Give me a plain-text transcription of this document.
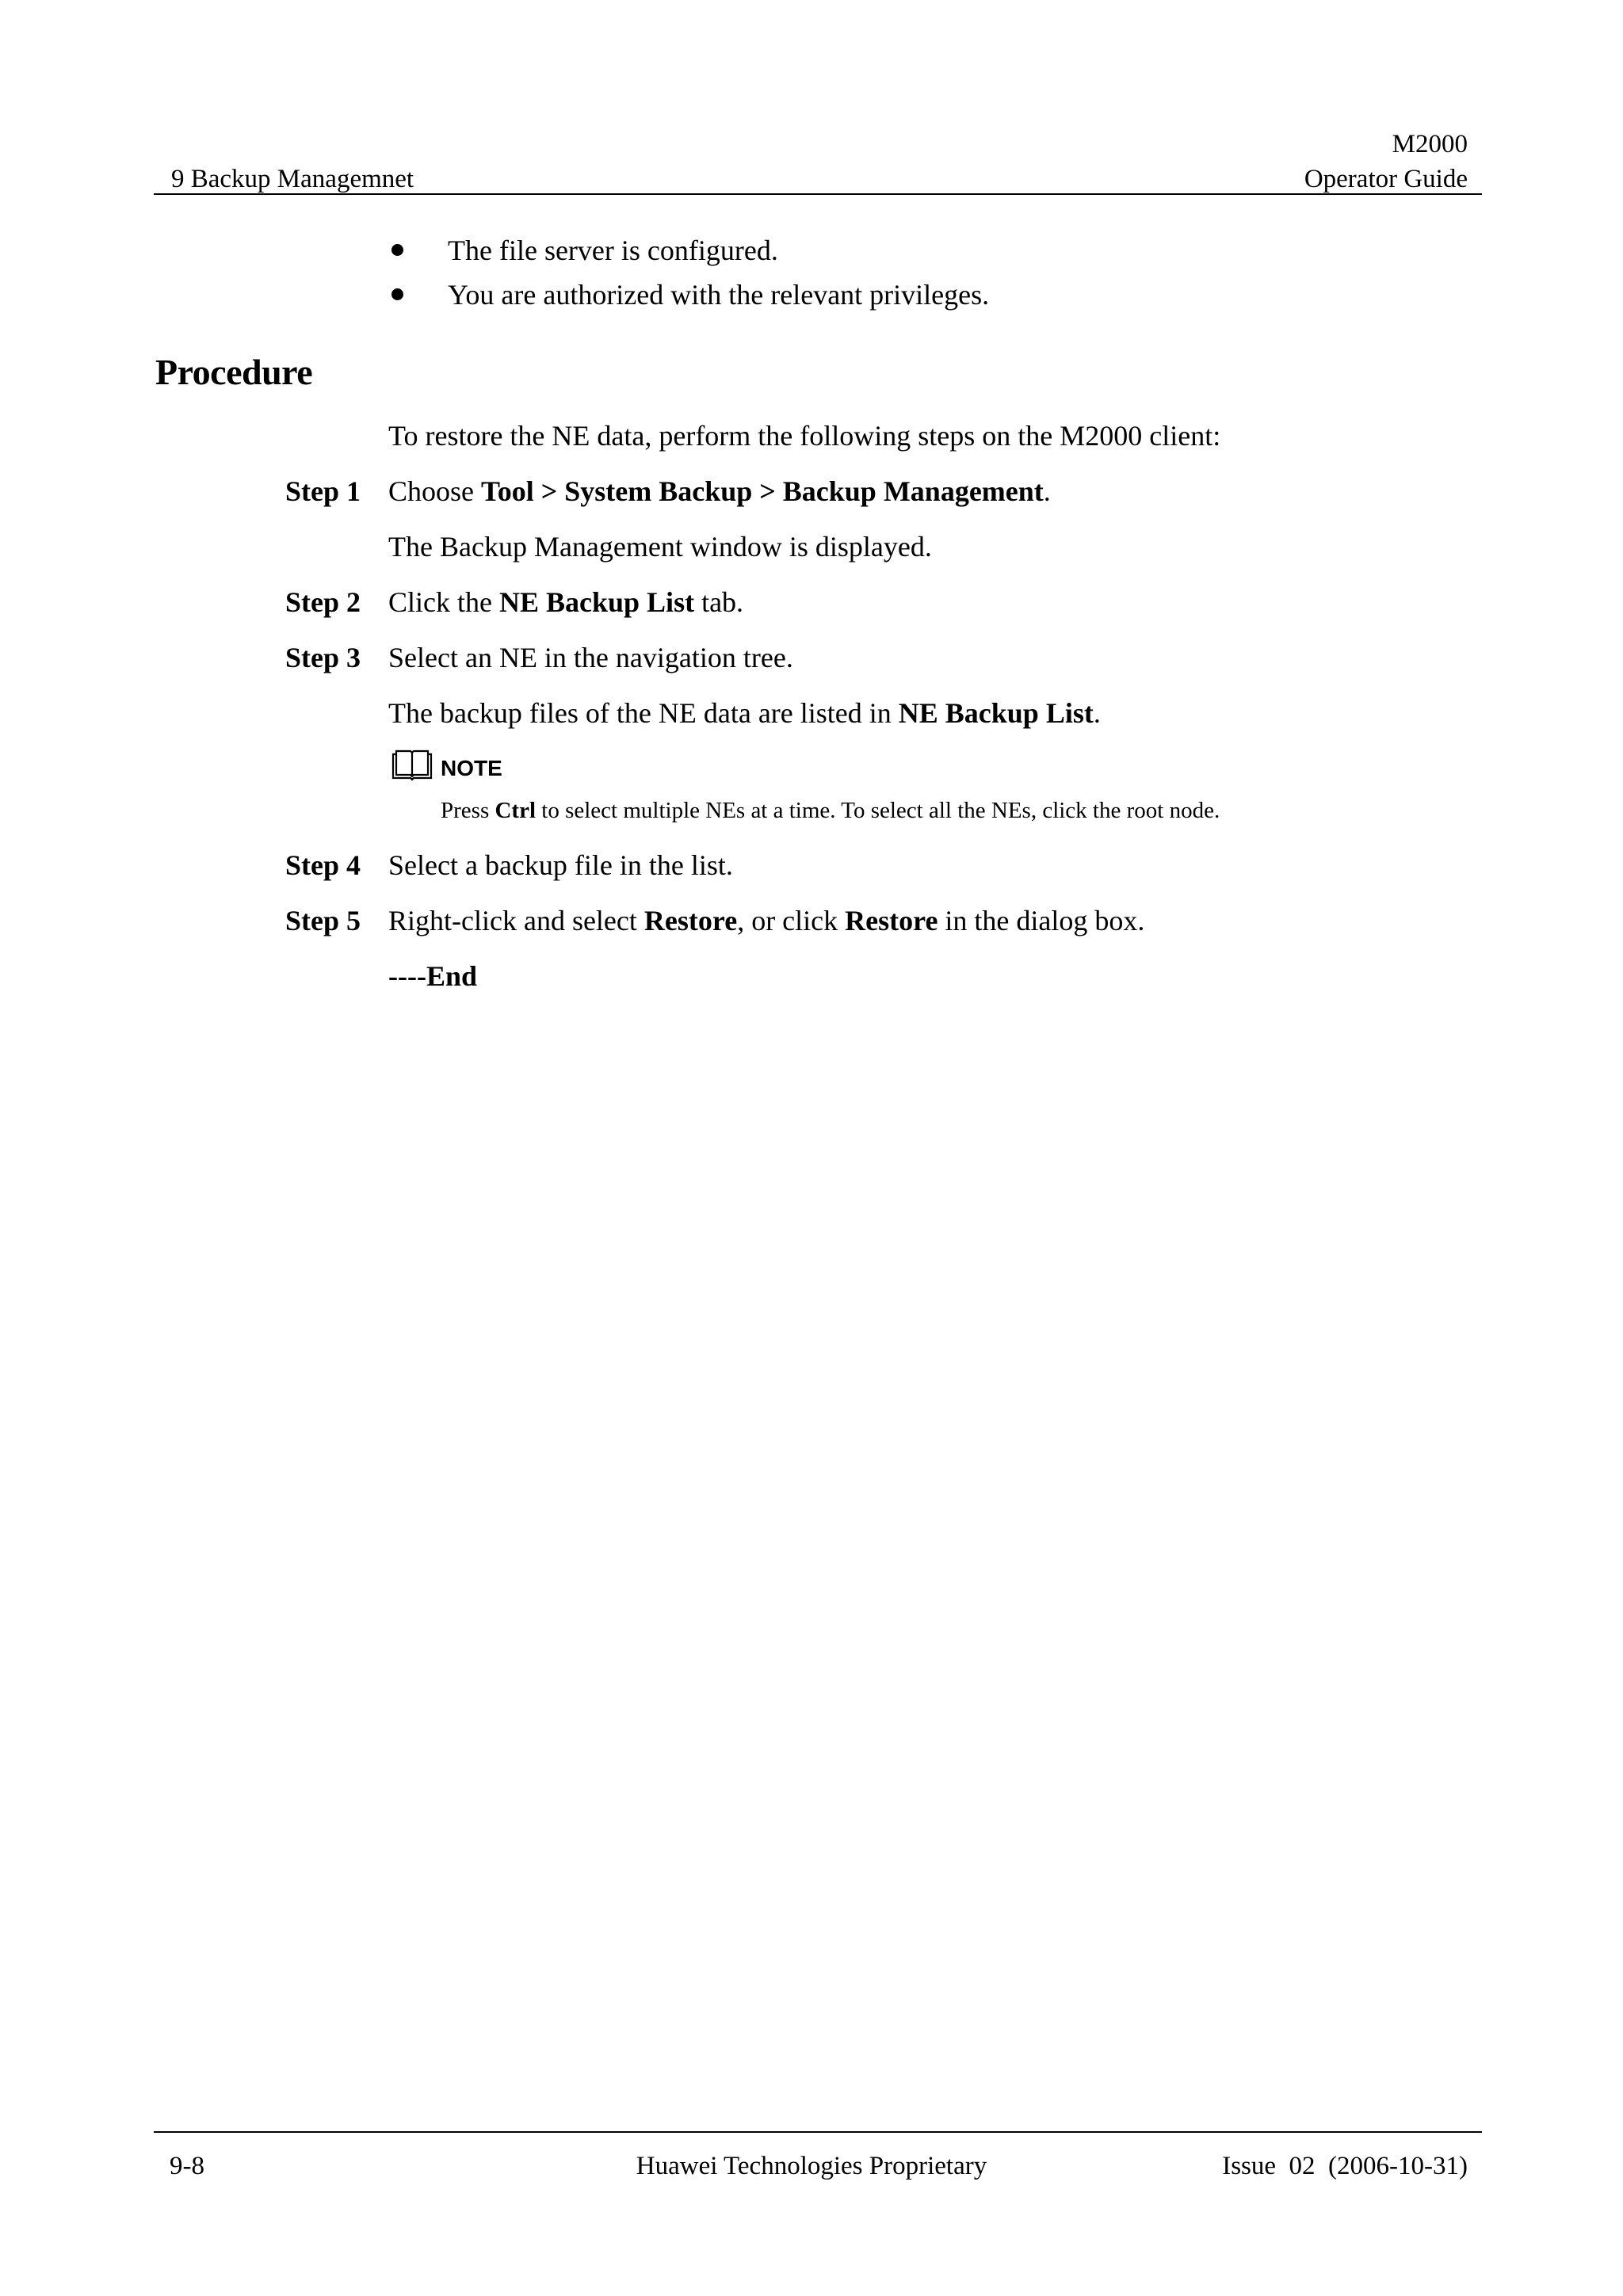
M2000
Operator Guide
9 Backup Managemnet
The file server is configured.
You are authorized with the relevant privileges.
Procedure
To restore the NE data, perform the following steps on the M2000 client:
Step 1 Choose Tool > System Backup > Backup Management.
The Backup Management window is displayed.
Step 2 Click the NE Backup List tab.
Step 3 Select an NE in the navigation tree.
The backup files of the NE data are listed in NE Backup List.
NOTE
Press Ctrl to select multiple NEs at a time. To select all the NEs, click the root node.
Step 4 Select a backup file in the list.
Step 5 Right-click and select Restore, or click Restore in the dialog box.
----End
9-8	Huawei Technologies Proprietary	Issue  02  (2006-10-31)
